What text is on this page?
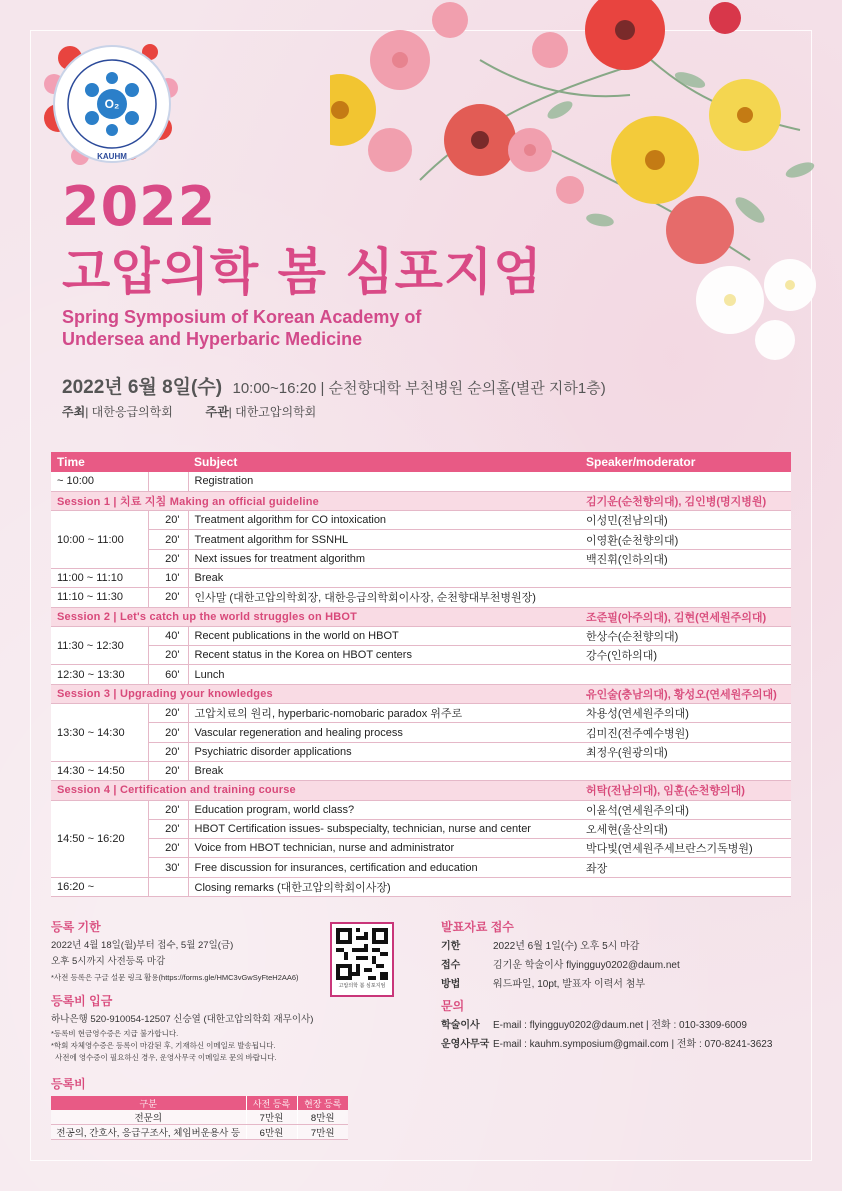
O₂
KAUHM
2022
고압의학 봄 심포지엄
Spring Symposium of Korean Academy of
Undersea and Hyperbaric Medicine
2022년 6월 8일(수) 10:00~16:20 | 순천향대학 부천병원 순의홀(별관 지하1층)
주최| 대한응급의학회	주관| 대한고압의학회
Time		Subject	Speaker/moderator
~ 10:00		Registration	
Session 1 | 치료 지침 Making an official guideline			김기운(순천향의대), 김인병(명지병원)
10:00 ~ 11:00	20'	Treatment algorithm for CO intoxication	이성민(전남의대)
	20'	Treatment algorithm for SSNHL	이영환(순천향의대)
	20'	Next issues for treatment algorithm	백진휘(인하의대)
11:00 ~ 11:10	10'	Break	
11:10 ~ 11:30	20'	인사말 (대한고압의학회장, 대한응급의학회이사장, 순천향대부천병원장)	
Session 2 | Let's catch up the world struggles on HBOT			조준필(아주의대), 김현(연세원주의대)
11:30 ~ 12:30	40'	Recent publications in the world on HBOT	한상수(순천향의대)
	20'	Recent status in the Korea on HBOT centers	강수(인하의대)
12:30 ~ 13:30	60'	Lunch	
Session 3 | Upgrading your knowledges			유인술(충남의대), 황성오(연세원주의대)
13:30 ~ 14:30	20'	고압치료의 원리, hyperbaric-nomobaric paradox 위주로	차용성(연세원주의대)
	20'	Vascular regeneration and healing process	김미진(전주예수병원)
	20'	Psychiatric disorder applications	최정우(원광의대)
14:30 ~ 14:50	20'	Break	
Session 4 | Certification and training course			허탁(전남의대), 임훈(순천향의대)
14:50 ~ 16:20	20'	Education program, world class?	이윤석(연세원주의대)
	20'	HBOT Certification issues- subspecialty, technician, nurse and center	오세현(울산의대)
	20'	Voice from HBOT technician, nurse and administrator	박다빛(연세원주세브란스기독병원)
	30'	Free discussion for insurances, certification and education	좌장
16:20 ~		Closing remarks (대한고압의학회이사장)	
등록 기한
2022년 4월 18일(월)부터 접수, 5월 27일(금)
오후 5시까지 사전등록 마감
*사전 등록은 구글 설문 링크 활용(https://forms.gle/HMC3vGwSyFteH2AA6)
등록비 입금
하나은행 520-910054-12507 신승열 (대한고압의학회 재무이사)
*등록비 현금영수증은 지급 불가합니다.
*학회 자체영수증은 등록이 마감된 후, 기재하신 이메일로 발송됩니다.
사전에 영수증이 필요하신 경우, 운영사무국 이메일로 문의 바랍니다.
등록비
구분	사전 등록	현장 등록
전문의	7만원	8만원
전공의, 간호사, 응급구조사, 체임버운용사 등	6만원	7만원
고압의학 봄 심포지엄
발표자료 접수
기한	2022년 6월 1일(수) 오후 5시 마감
접수	김기운 학술이사 flyingguy0202@daum.net
방법	워드파일, 10pt, 발표자 이력서 첨부
문의
학술이사	E-mail : flyingguy0202@daum.net | 전화 : 010-3309-6009
운영사무국 E-mail : kauhm.symposium@gmail.com | 전화 : 070-8241-3623
